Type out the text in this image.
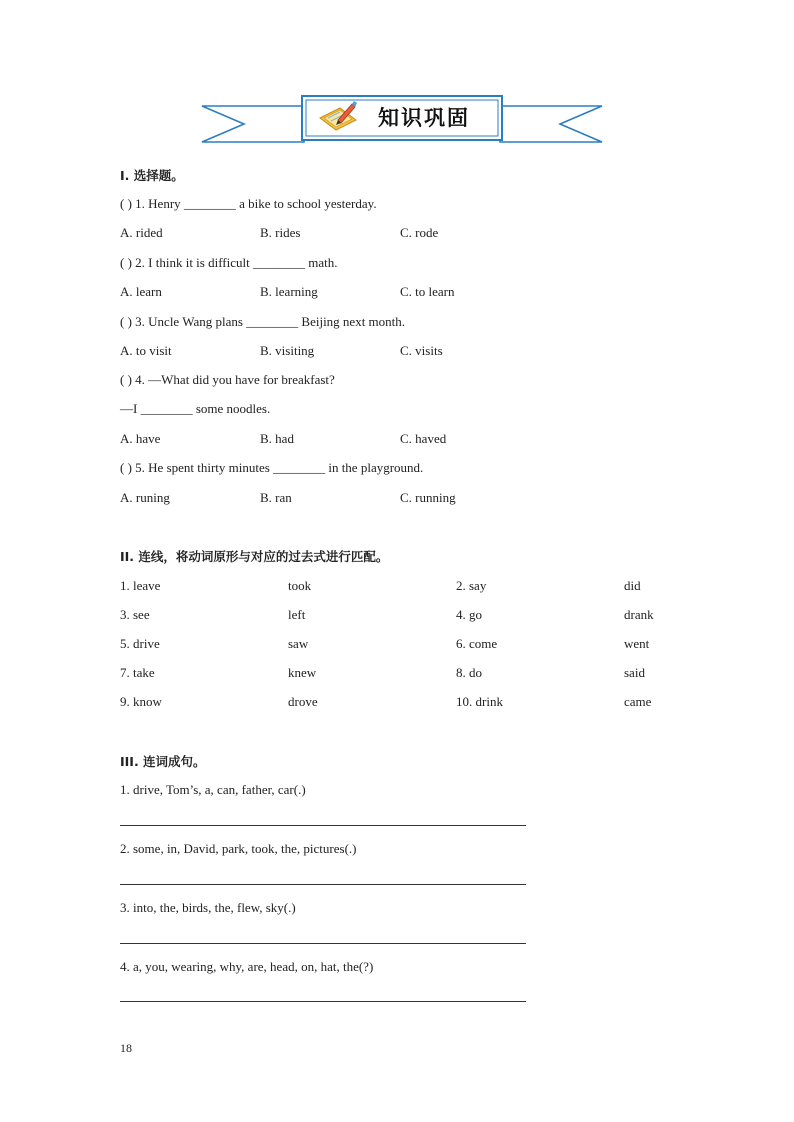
知识巩固
I. 选择题。
( ) 1. Henry ________ a bike to school yesterday.
A. rided	B. rides	C. rode
( ) 2. I think it is difficult ________ math.
A. learn	B. learning	C. to learn
( ) 3. Uncle Wang plans ________ Beijing next month.
A. to visit	B. visiting	C. visits
( ) 4. —What did you have for breakfast?
—I ________ some noodles.
A. have	B. had	C. haved
( ) 5. He spent thirty minutes ________ in the playground.
A. runing	B. ran	C. running
II. 连线，将动词原形与对应的过去式进行匹配。
1. leave	took	2. say	did
3. see	left	4. go	drank
5. drive	saw	6. come	went
7. take	knew	8. do	said
9. know	drove	10. drink	came
III. 连词成句。
1. drive, Tom’s, a, can, father, car(.)
2. some, in, David, park, took, the, pictures(.)
3. into, the, birds, the, flew, sky(.)
4. a, you, wearing, why, are, head, on, hat, the(?)
18
